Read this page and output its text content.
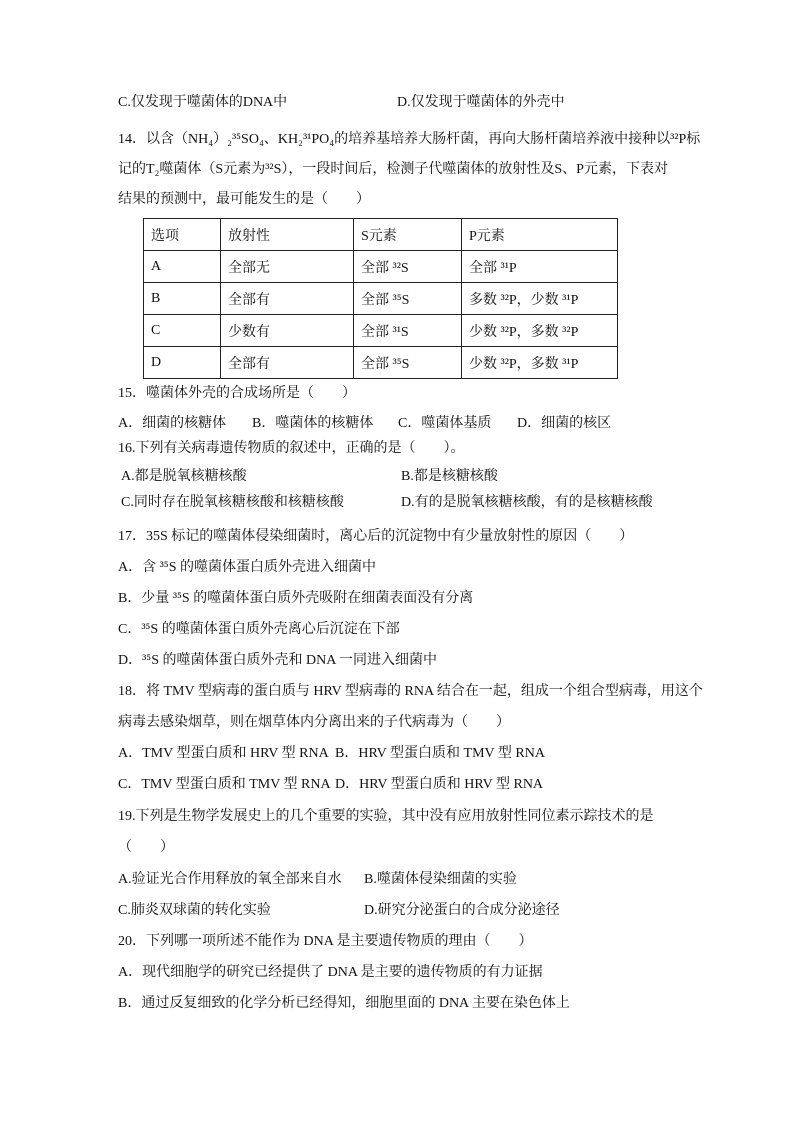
C.仅发现于噬菌体的DNA中	D.仅发现于噬菌体的外壳中
14．以含（NH₄）₂³⁵SO₄、KH₂³¹PO₄的培养基培养大肠杆菌，再向大肠杆菌培养液中接种以³²P标
记的T₂噬菌体（S元素为³²S），一段时间后，检测子代噬菌体的放射性及S、P元素，下表对
结果的预测中，最可能发生的是（　　）
选项	放射性	S元素	P元素
A	全部无	全部 ³²S	全部 ³¹P
B	全部有	全部 ³⁵S	多数 ³²P，少数 ³¹P
C	少数有	全部 ³¹S	少数 ³²P，多数 ³²P
D	全部有	全部 ³⁵S	少数 ³²P，多数 ³¹P
15．噬菌体外壳的合成场所是（　　）
A．细菌的核糖体 B．噬菌体的核糖体 C．噬菌体基质 D．细菌的核区
16.下列有关病毒遗传物质的叙述中，正确的是（　　）。
A.都是脱氧核糖核酸	B.都是核糖核酸
C.同时存在脱氧核糖核酸和核糖核酸	D.有的是脱氧核糖核酸，有的是核糖核酸
17．35S 标记的噬菌体侵染细菌时，离心后的沉淀物中有少量放射性的原因（　　）
A．含 ³⁵S 的噬菌体蛋白质外壳进入细菌中
B．少量 ³⁵S 的噬菌体蛋白质外壳吸附在细菌表面没有分离
C．³⁵S 的噬菌体蛋白质外壳离心后沉淀在下部
D．³⁵S 的噬菌体蛋白质外壳和 DNA 一同进入细菌中
18．将 TMV 型病毒的蛋白质与 HRV 型病毒的 RNA 结合在一起，组成一个组合型病毒，用这个
病毒去感染烟草，则在烟草体内分离出来的子代病毒为（　　）
A．TMV 型蛋白质和 HRV 型 RNA B．HRV 型蛋白质和 TMV 型 RNA
C．TMV 型蛋白质和 TMV 型 RNA D．HRV 型蛋白质和 HRV 型 RNA
19.下列是生物学发展史上的几个重要的实验，其中没有应用放射性同位素示踪技术的是
（　　）
A.验证光合作用释放的氧全部来自水 B.噬菌体侵染细菌的实验
C.肺炎双球菌的转化实验	D.研究分泌蛋白的合成分泌途径
20．下列哪一项所述不能作为 DNA 是主要遗传物质的理由（　　）
A．现代细胞学的研究已经提供了 DNA 是主要的遗传物质的有力证据
B．通过反复细致的化学分析已经得知，细胞里面的 DNA 主要在染色体上
